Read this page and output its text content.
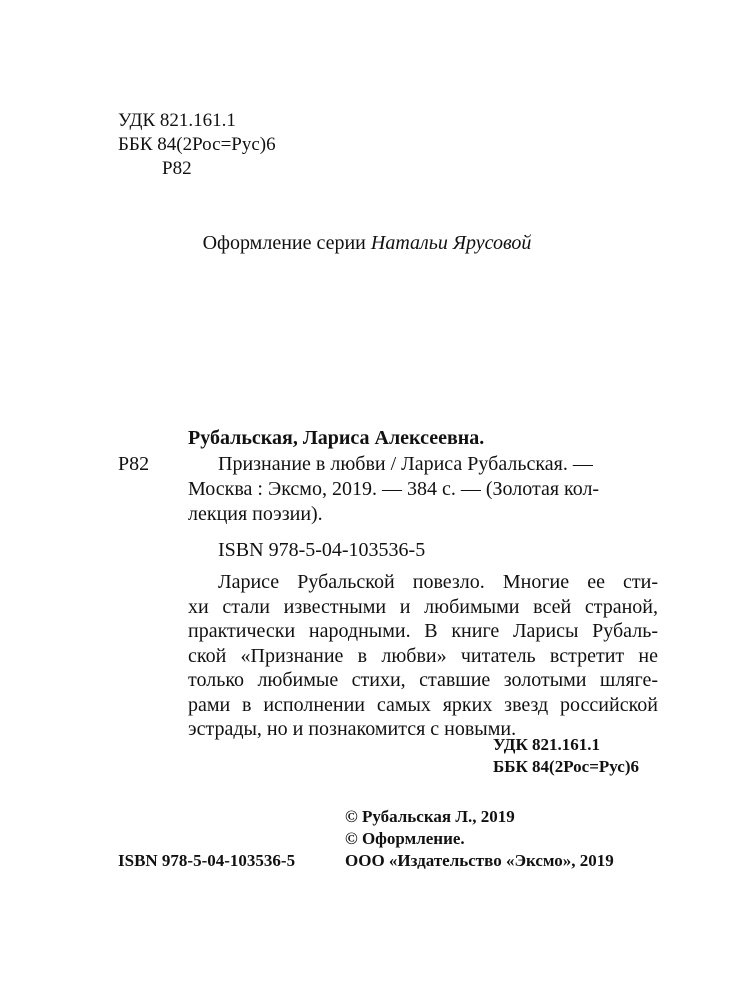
УДК 821.161.1
ББК 84(2Рос=Рус)6
Р82
Оформление серии Натальи Ярусовой
Рубальская, Лариса Алексеевна.
Р82	Признание в любви / Лариса Рубальская. —
Москва : Эксмо, 2019. — 384 с. — (Золотая кол-
лекция поэзии).
ISBN 978-5-04-103536-5
Ларисе Рубальской повезло. Многие ее сти-
хи стали известными и любимыми всей страной,
практически народными. В книге Ларисы Рубаль-
ской «Признание в любви» читатель встретит не
только любимые стихи, ставшие золотыми шляге-
рами в исполнении самых ярких звезд российской
эстрады, но и познакомится с новыми.
УДК 821.161.1
ББК 84(2Рос=Рус)6
© Рубальская Л., 2019
© Оформление.
ISBN 978-5-04-103536-5	ООО «Издательство «Эксмо», 2019
